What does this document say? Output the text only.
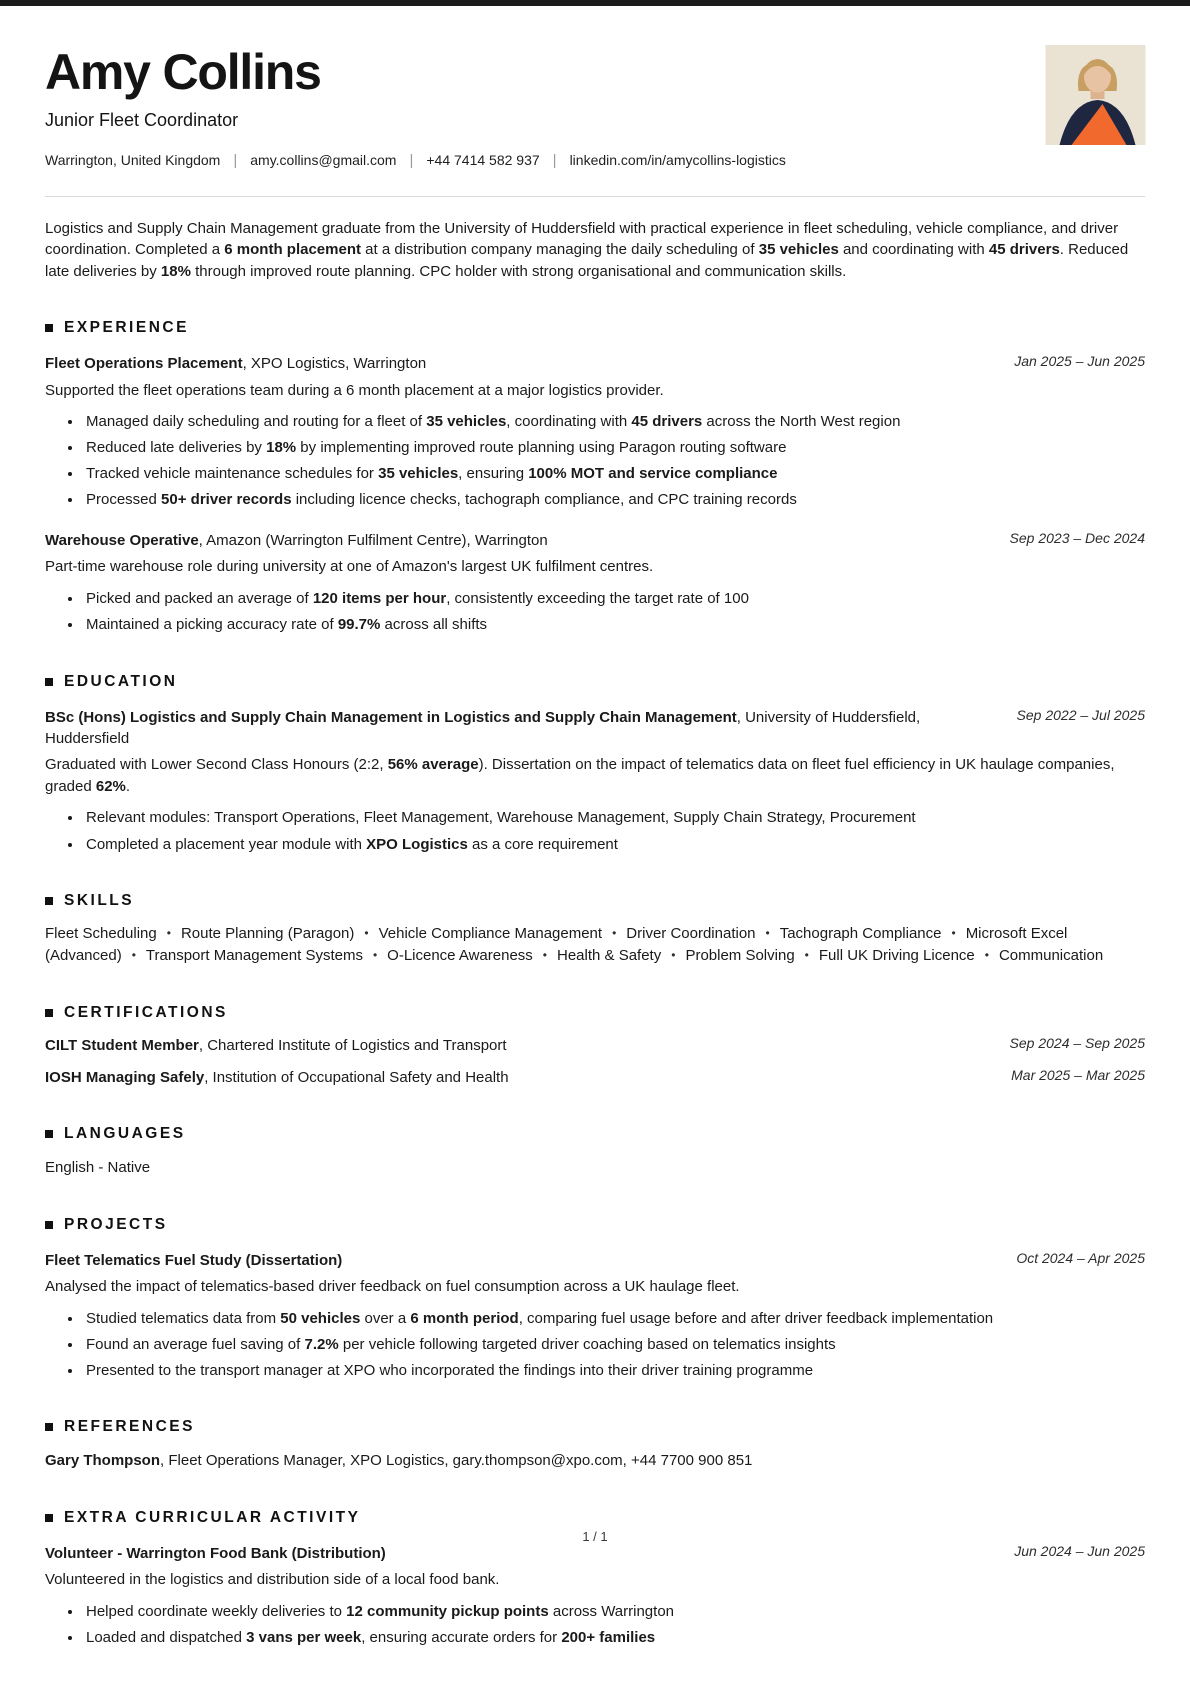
Amy Collins
Junior Fleet Coordinator
Warrington, United Kingdom | amy.collins@gmail.com | +44 7414 582 937 | linkedin.com/in/amycollins-logistics

Logistics and Supply Chain Management graduate from the University of Huddersfield with practical experience in fleet scheduling, vehicle compliance, and driver coordination. Completed a 6 month placement at a distribution company managing the daily scheduling of 35 vehicles and coordinating with 45 drivers. Reduced late deliveries by 18% through improved route planning. CPC holder with strong organisational and communication skills.

EXPERIENCE
Jan 2025 – Jun 2025
Fleet Operations Placement, XPO Logistics, Warrington
Supported the fleet operations team during a 6 month placement at a major logistics provider.
• Managed daily scheduling and routing for a fleet of 35 vehicles, coordinating with 45 drivers across the North West region
• Reduced late deliveries by 18% by implementing improved route planning using Paragon routing software
• Tracked vehicle maintenance schedules for 35 vehicles, ensuring 100% MOT and service compliance
• Processed 50+ driver records including licence checks, tachograph compliance, and CPC training records
Sep 2023 – Dec 2024
Warehouse Operative, Amazon (Warrington Fulfilment Centre), Warrington
Part-time warehouse role during university at one of Amazon's largest UK fulfilment centres.
• Picked and packed an average of 120 items per hour, consistently exceeding the target rate of 100
• Maintained a picking accuracy rate of 99.7% across all shifts
EDUCATION
Sep 2022 – Jul 2025
BSc (Hons) Logistics and Supply Chain Management in Logistics and Supply Chain Management, University of Huddersfield, Huddersfield
Graduated with Lower Second Class Honours (2:2, 56% average). Dissertation on the impact of telematics data on fleet fuel efficiency in UK haulage companies, graded 62%.
• Relevant modules: Transport Operations, Fleet Management, Warehouse Management, Supply Chain Strategy, Procurement
• Completed a placement year module with XPO Logistics as a core requirement
SKILLS
Fleet Scheduling • Route Planning (Paragon) • Vehicle Compliance Management • Driver Coordination • Tachograph Compliance • Microsoft Excel (Advanced) • Transport Management Systems • O-Licence Awareness • Health & Safety • Problem Solving • Full UK Driving Licence • Communication
CERTIFICATIONS
Sep 2024 – Sep 2025
CILT Student Member, Chartered Institute of Logistics and Transport
Mar 2025 – Mar 2025
IOSH Managing Safely, Institution of Occupational Safety and Health
LANGUAGES
English - Native
PROJECTS
Oct 2024 – Apr 2025
Fleet Telematics Fuel Study (Dissertation)
Analysed the impact of telematics-based driver feedback on fuel consumption across a UK haulage fleet.
• Studied telematics data from 50 vehicles over a 6 month period, comparing fuel usage before and after driver feedback implementation
• Found an average fuel saving of 7.2% per vehicle following targeted driver coaching based on telematics insights
• Presented to the transport manager at XPO who incorporated the findings into their driver training programme
REFERENCES
Gary Thompson, Fleet Operations Manager, XPO Logistics, gary.thompson@xpo.com, +44 7700 900 851
EXTRA CURRICULAR ACTIVITY
Jun 2024 – Jun 2025
Volunteer - Warrington Food Bank (Distribution)
Volunteered in the logistics and distribution side of a local food bank.
• Helped coordinate weekly deliveries to 12 community pickup points across Warrington
• Loaded and dispatched 3 vans per week, ensuring accurate orders for 200+ families
1 / 1
